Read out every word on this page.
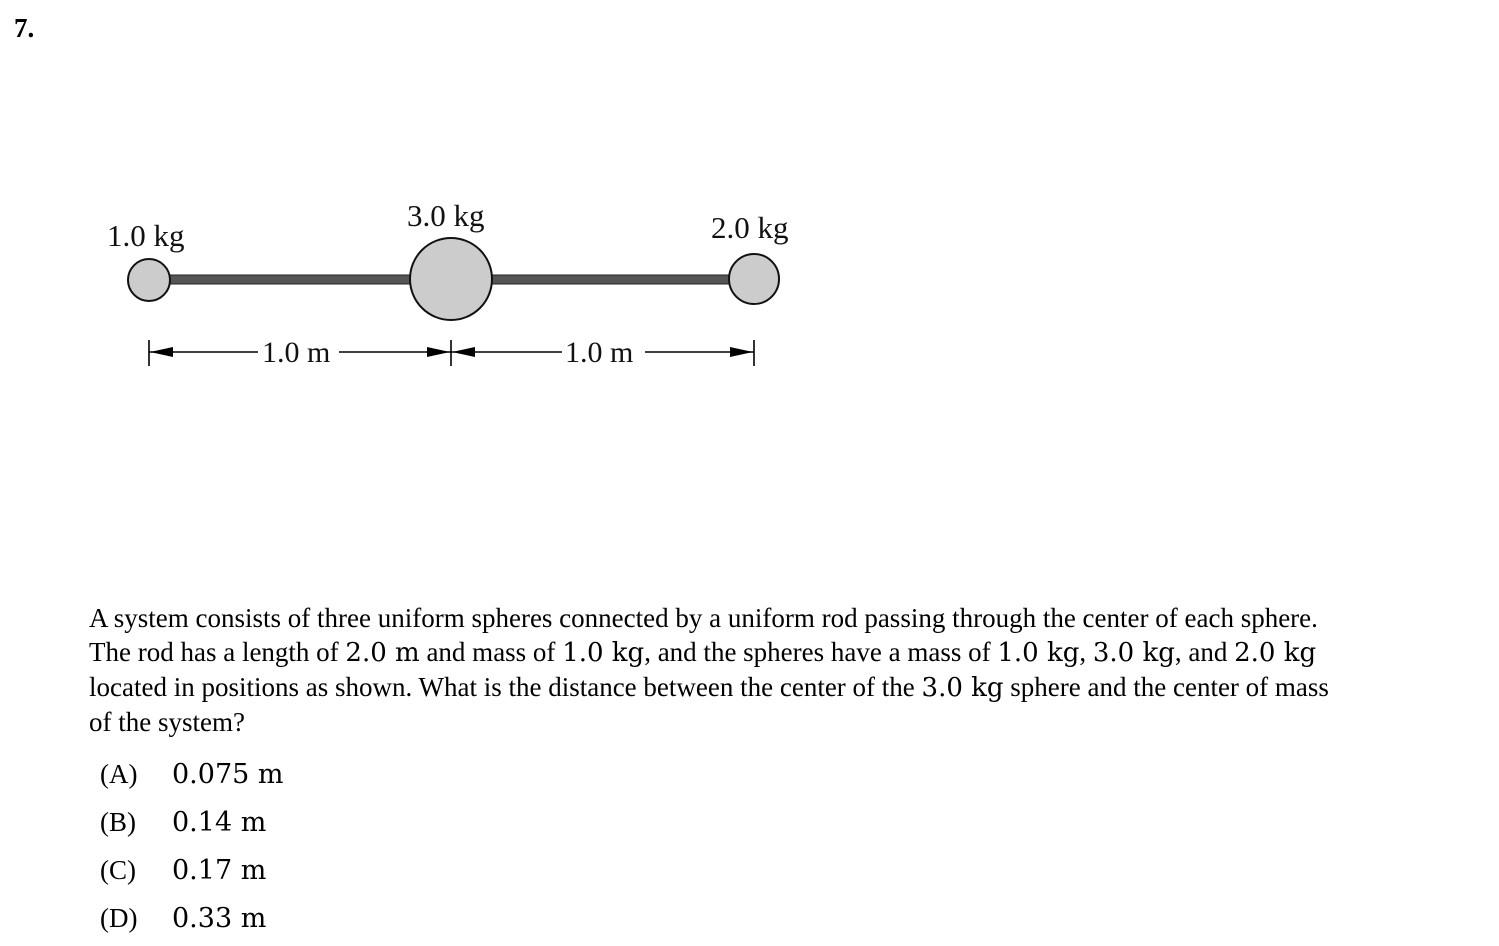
7.
1.0 kg
3.0 kg	2.0 kg
1.0 m	1.0 m

A system consists of three uniform spheres connected by a uniform rod passing through the center of each sphere.

The rod has a length of 2.0 m and mass of 1.0 kg, and the spheres have a mass of 1.0 kg, 3.0 kg, and 2.0 kg

located in positions as shown. What is the distance between the center of the 3.0 kg sphere and the center of mass

of the system?

(A)	0.075 m
(B)	0.14 m
(C)	0.17 m
(D)	0.33 m
